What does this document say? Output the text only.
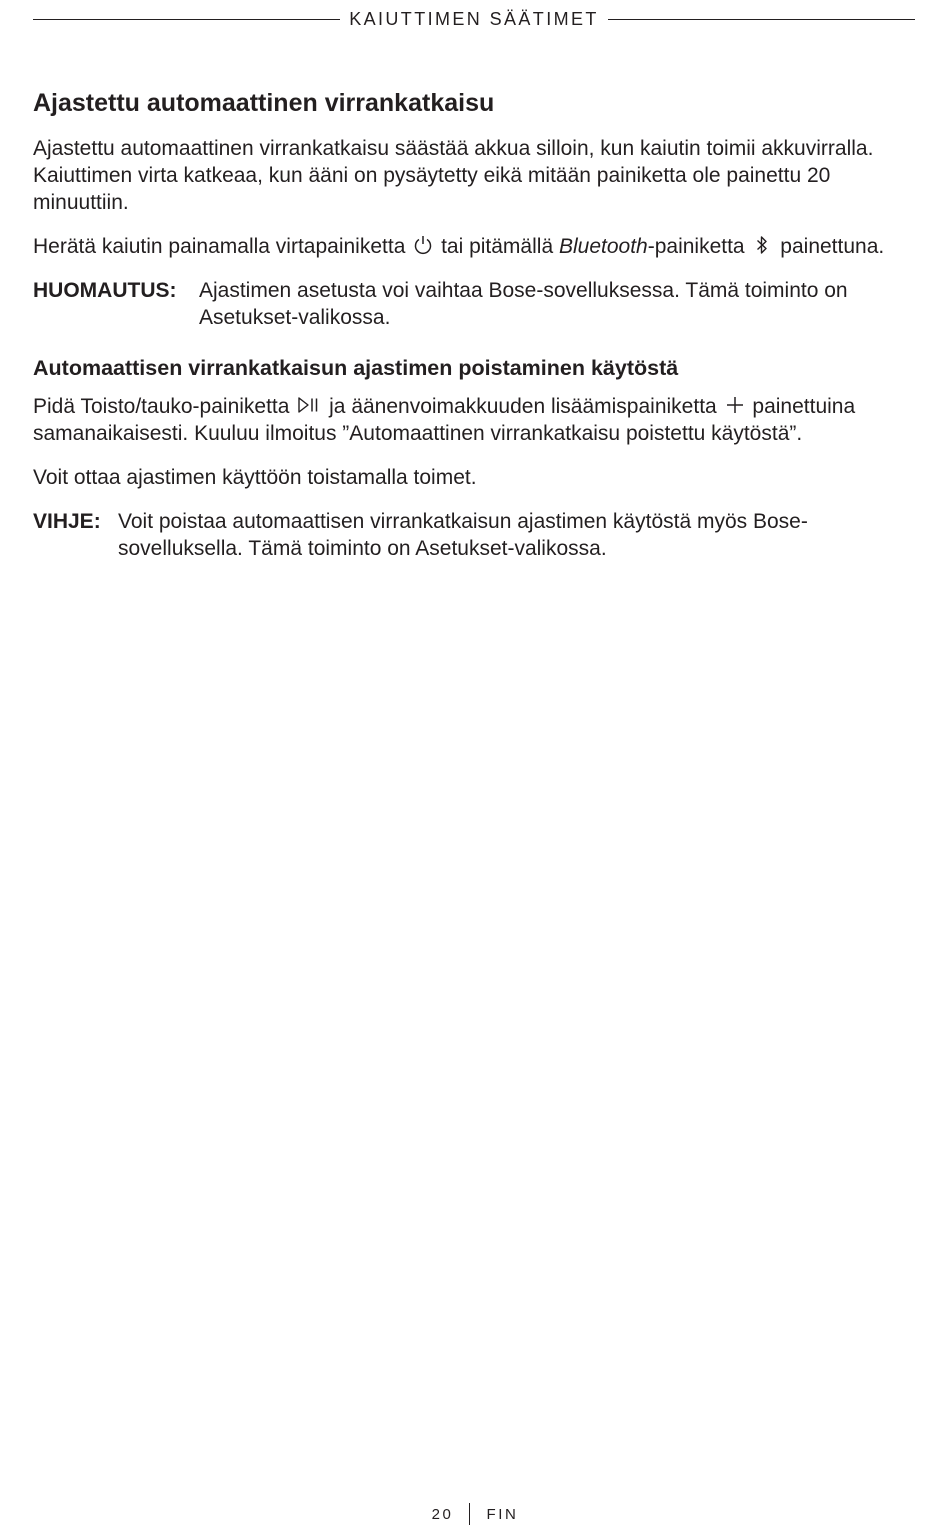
KAIUTTIMEN SÄÄTIMET
Ajastettu automaattinen virrankatkaisu

Ajastettu automaattinen virrankatkaisu säästää akkua silloin, kun kaiutin toimii akkuvirralla. Kaiuttimen virta katkeaa, kun ääni on pysäytetty eikä mitään painiketta ole painettu 20 minuuttiin.

Herätä kaiutin painamalla virtapainiketta tai pitämällä Bluetooth-painiketta painettuna.

HUOMAUTUS:	Ajastimen asetusta voi vaihtaa Bose-sovelluksessa. Tämä toiminto on Asetukset-valikossa.
Automaattisen virrankatkaisun ajastimen poistaminen käytöstä

Pidä Toisto/tauko-painiketta ja äänenvoimakkuuden lisäämispainiketta painettuina samanaikaisesti. Kuuluu ilmoitus ”Automaattinen virrankatkaisu poistettu käytöstä”.

Voit ottaa ajastimen käyttöön toistamalla toimet.

VIHJE: Voit poistaa automaattisen virrankatkaisun ajastimen käytöstä myös Bose-sovelluksella. Tämä toiminto on Asetukset-valikossa.
20 FIN
